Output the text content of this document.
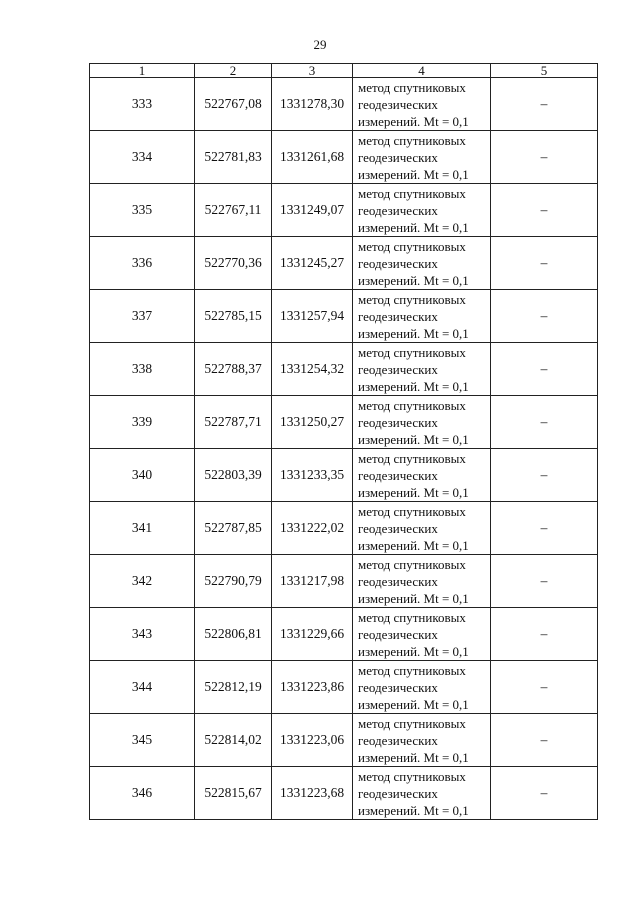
29
1	2	3	4	5
333	522767,08	1331278,30	метод спутниковых
геодезических
измерений. Mt = 0,1	–
334	522781,83	1331261,68	метод спутниковых
геодезических
измерений. Mt = 0,1	–
335	522767,11	1331249,07	метод спутниковых
геодезических
измерений. Mt = 0,1	–
336	522770,36	1331245,27	метод спутниковых
геодезических
измерений. Mt = 0,1	–
337	522785,15	1331257,94	метод спутниковых
геодезических
измерений. Mt = 0,1	–
338	522788,37	1331254,32	метод спутниковых
геодезических
измерений. Mt = 0,1	–
339	522787,71	1331250,27	метод спутниковых
геодезических
измерений. Mt = 0,1	–
340	522803,39	1331233,35	метод спутниковых
геодезических
измерений. Mt = 0,1	–
341	522787,85	1331222,02	метод спутниковых
геодезических
измерений. Mt = 0,1	–
342	522790,79	1331217,98	метод спутниковых
геодезических
измерений. Mt = 0,1	–
343	522806,81	1331229,66	метод спутниковых
геодезических
измерений. Mt = 0,1	–
344	522812,19	1331223,86	метод спутниковых
геодезических
измерений. Mt = 0,1	–
345	522814,02	1331223,06	метод спутниковых
геодезических
измерений. Mt = 0,1	–
346	522815,67	1331223,68	метод спутниковых
геодезических
измерений. Mt = 0,1	–
